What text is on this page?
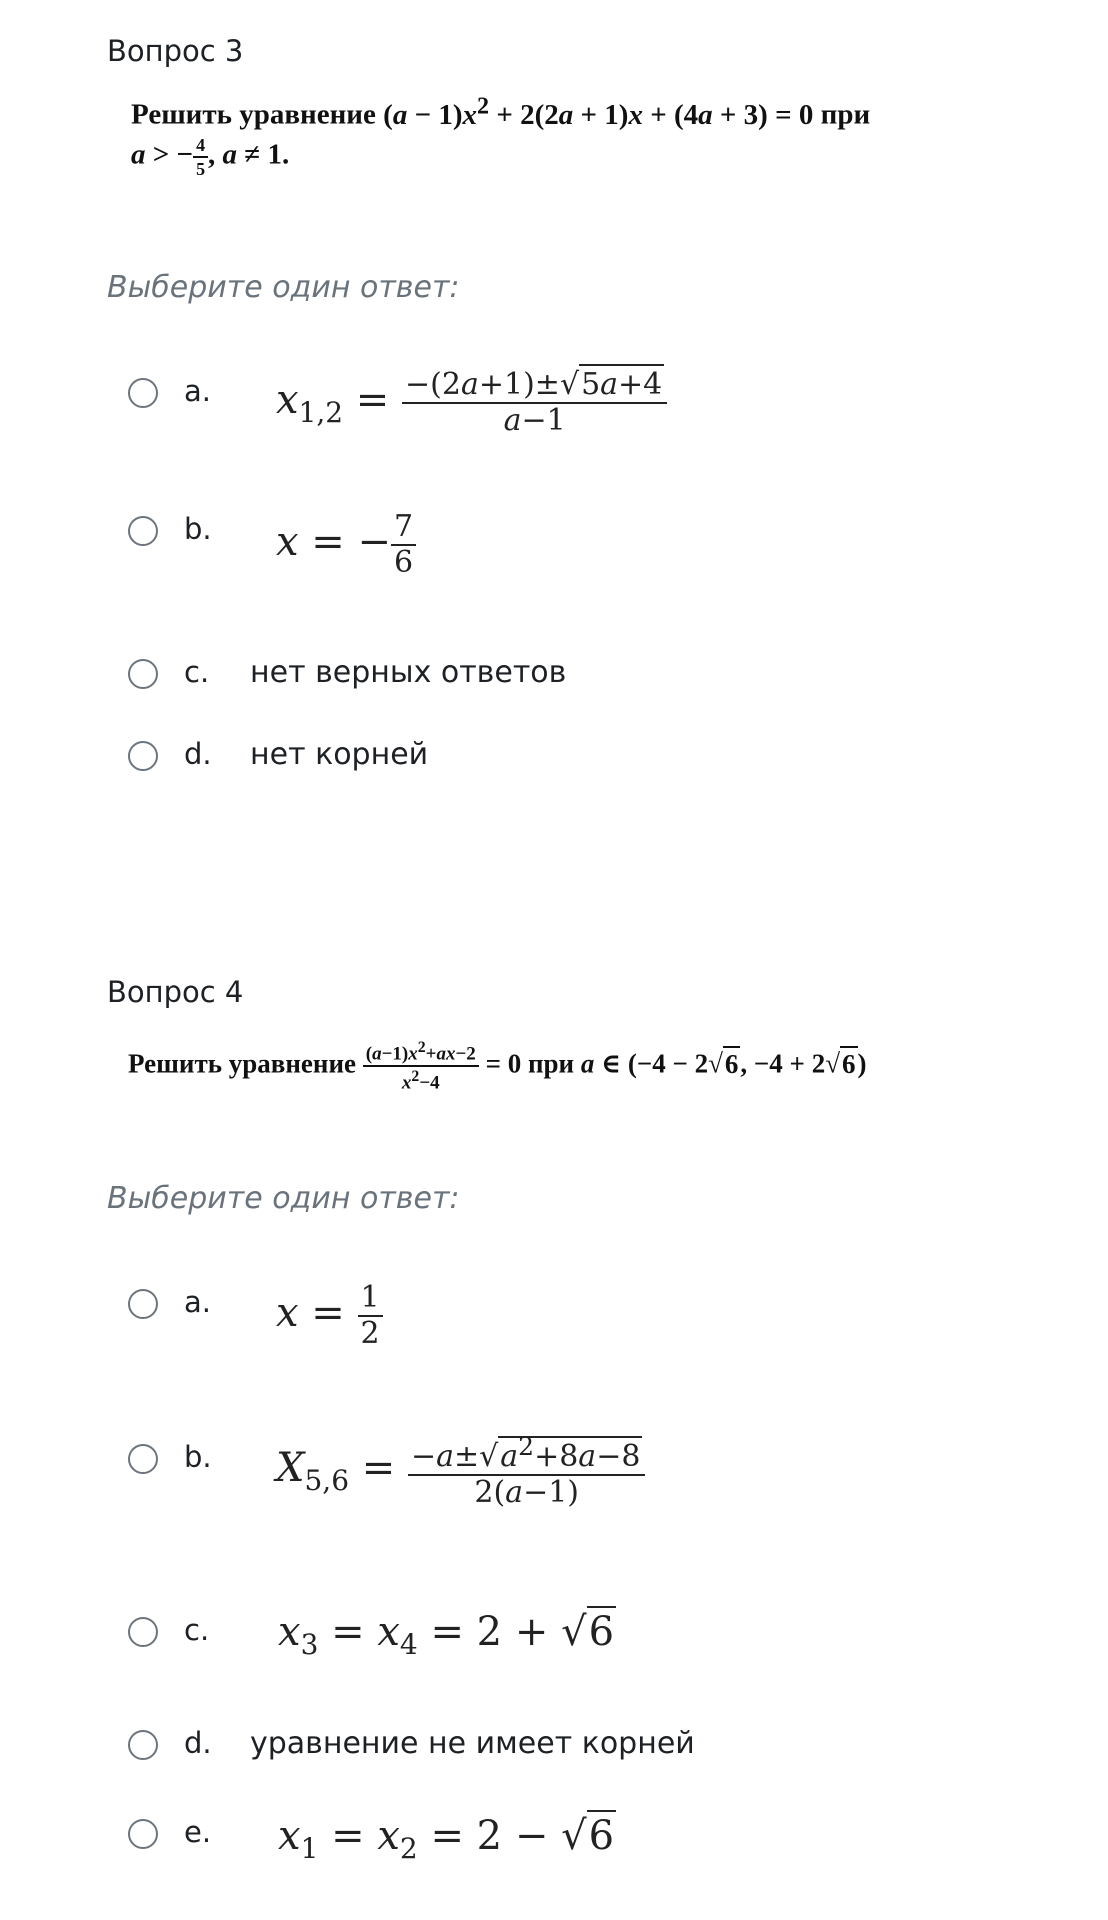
Вопрос 3
Решить уравнение $(a - 1)x^2 + 2(2a + 1)x + (4a + 3) = 0$ при
a > − $\frac{4}{5}$ , a ≠ 1.
Выберите один ответ:
a. $x_{1,2} = \frac{-(2a+1)\pm√5a+4}{a-1}$
b. x = − $\frac{7}{6}$
c. нет верных ответов
d. нет корней
Вопрос 4
Решить уравнение $\frac{(a-1)x^2+ax-2}{x^2-4} = 0$ при a ∈ (−4 − 2√6, −4 + 2√6)
Выберите один ответ:
a. $x = \frac{1}{2}$
b. $X_{5,6} = \frac{-a\pm√a^2+8a-8}{2(a-1)}$
c. $x_3 = x_4 = 2 + √6$
d. уравнение не имеет корней
e. $x_1 = x_2 = 2 - √6$
